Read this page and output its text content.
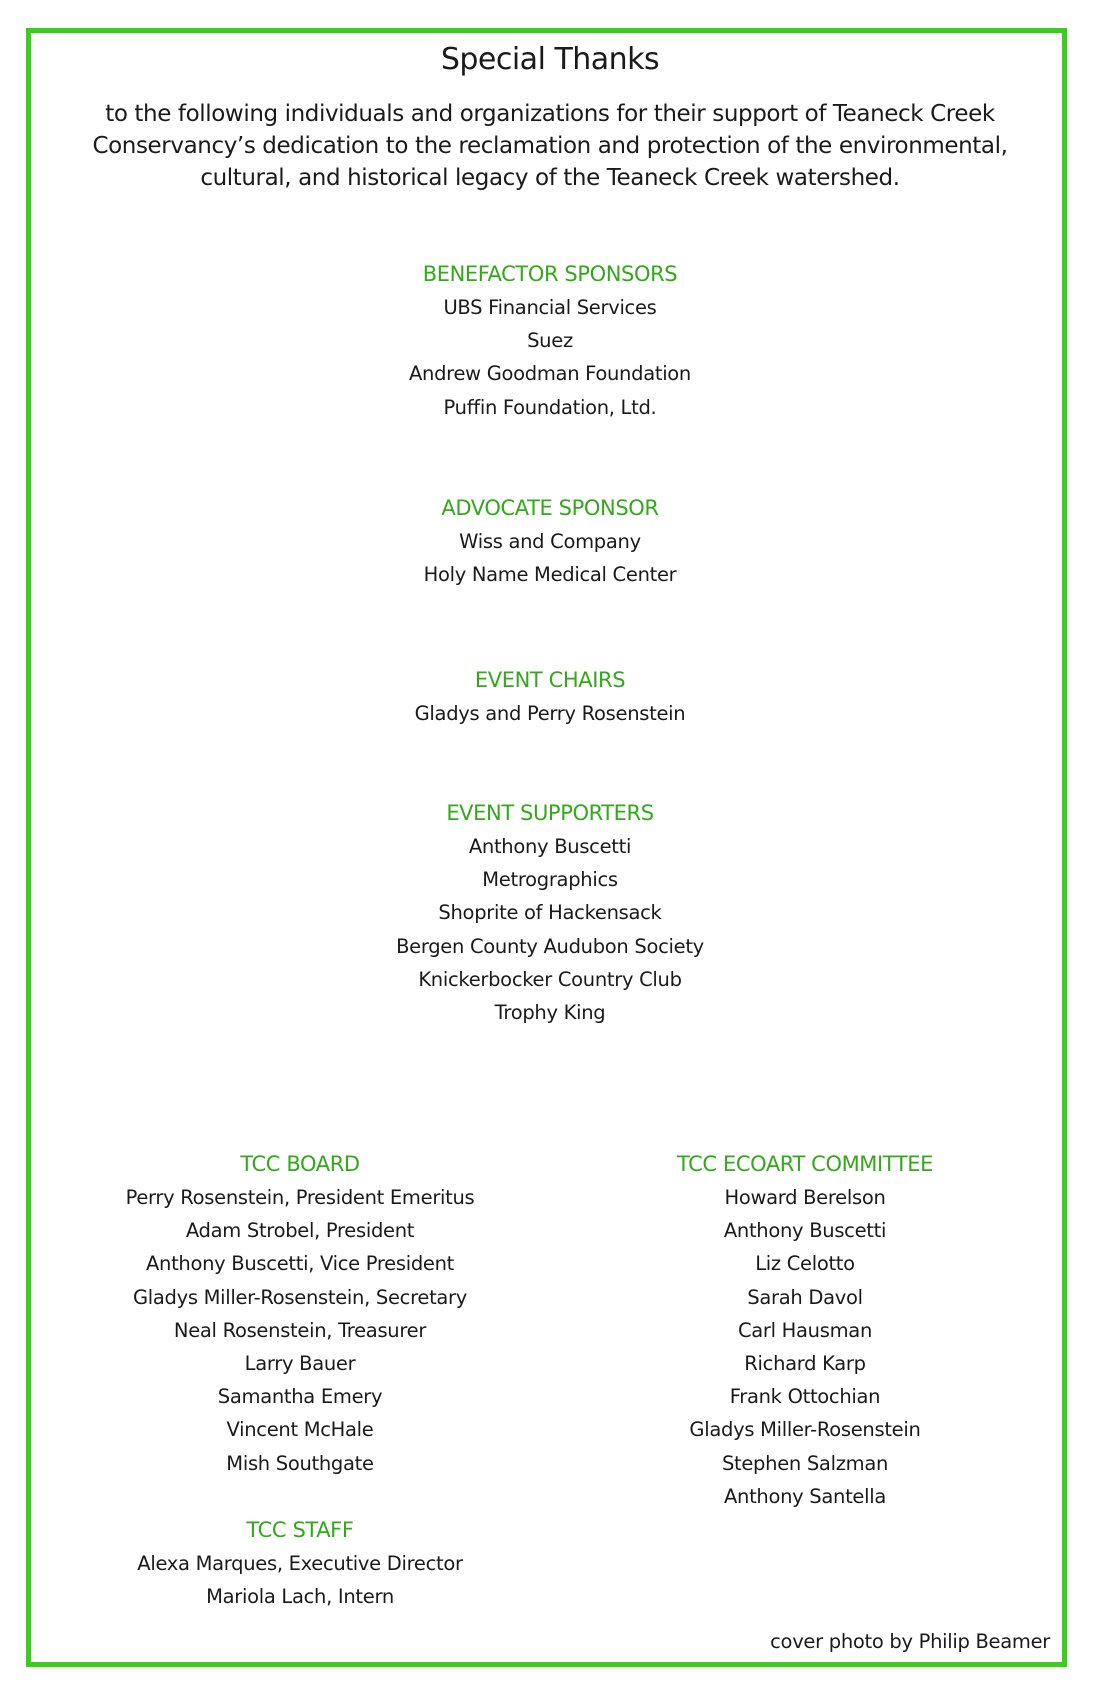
Special Thanks
to the following individuals and organizations for their support of Teaneck Creek Conservancy’s dedication to the reclamation and protection of the environmental, cultural, and historical legacy of the Teaneck Creek watershed.
BENEFACTOR SPONSORS
UBS Financial Services
Suez
Andrew Goodman Foundation
Puffin Foundation, Ltd.
ADVOCATE SPONSOR
Wiss and Company
Holy Name Medical Center
EVENT CHAIRS
Gladys and Perry Rosenstein
EVENT SUPPORTERS
Anthony Buscetti
Metrographics
Shoprite of Hackensack
Bergen County Audubon Society
Knickerbocker Country Club
Trophy King
TCC BOARD
Perry Rosenstein, President Emeritus
Adam Strobel, President
Anthony Buscetti, Vice President
Gladys Miller-Rosenstein, Secretary
Neal Rosenstein, Treasurer
Larry Bauer
Samantha Emery
Vincent McHale
Mish Southgate
TCC STAFF
Alexa Marques, Executive Director
Mariola Lach, Intern
TCC ECOART COMMITTEE
Howard Berelson
Anthony Buscetti
Liz Celotto
Sarah Davol
Carl Hausman
Richard Karp
Frank Ottochian
Gladys Miller-Rosenstein
Stephen Salzman
Anthony Santella
cover photo by Philip Beamer
